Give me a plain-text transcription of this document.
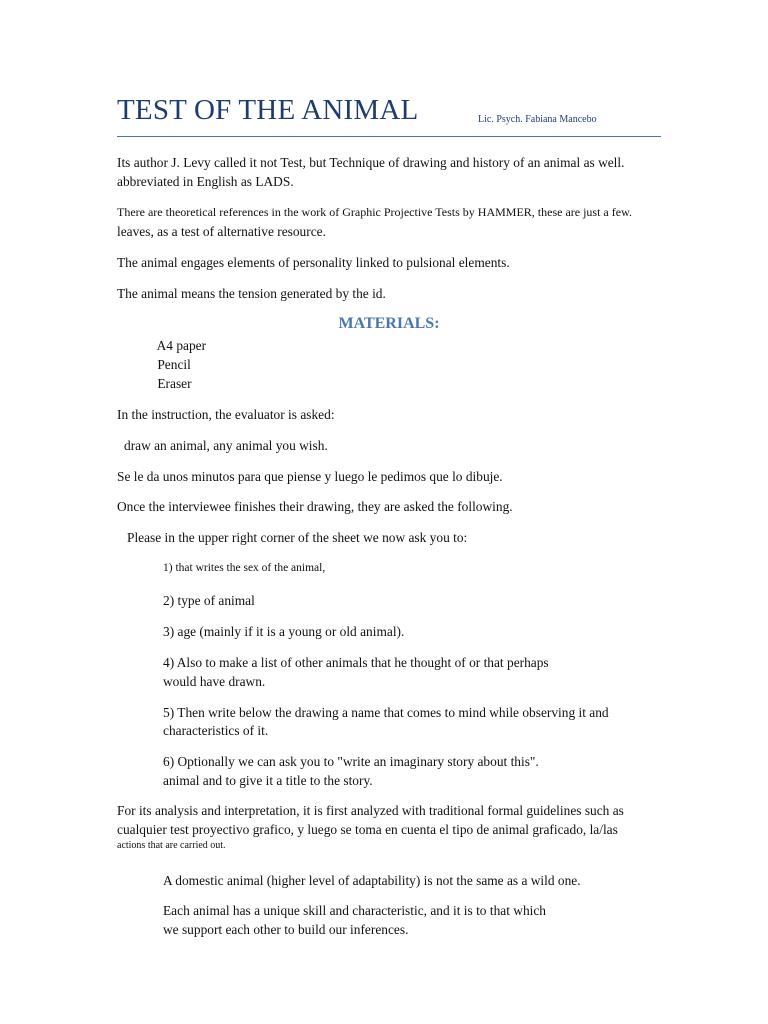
TEST OF THE ANIMAL	Lic. Psych. Fabiana Mancebo
Its author J. Levy called it not Test, but Technique of drawing and history of an animal as well.
abbreviated in English as LADS.
There are theoretical references in the work of Graphic Projective Tests by HAMMER, these are just a few.
leaves, as a test of alternative resource.
The animal engages elements of personality linked to pulsional elements.
The animal means the tension generated by the id.
MATERIALS:
A4 paper
Pencil
Eraser
In the instruction, the evaluator is asked:
draw an animal, any animal you wish.
Se le da unos minutos para que piense y luego le pedimos que lo dibuje.
Once the interviewee finishes their drawing, they are asked the following.
Please in the upper right corner of the sheet we now ask you to:
1) that writes the sex of the animal,
2) type of animal
3) age (mainly if it is a young or old animal).
4) Also to make a list of other animals that he thought of or that perhaps
would have drawn.
5) Then write below the drawing a name that comes to mind while observing it and
characteristics of it.
6) Optionally we can ask you to "write an imaginary story about this".
animal and to give it a title to the story.
For its analysis and interpretation, it is first analyzed with traditional formal guidelines such as
cualquier test proyectivo grafico, y luego se toma en cuenta el tipo de animal graficado, la/las
actions that are carried out.
A domestic animal (higher level of adaptability) is not the same as a wild one.
Each animal has a unique skill and characteristic, and it is to that which
we support each other to build our inferences.
